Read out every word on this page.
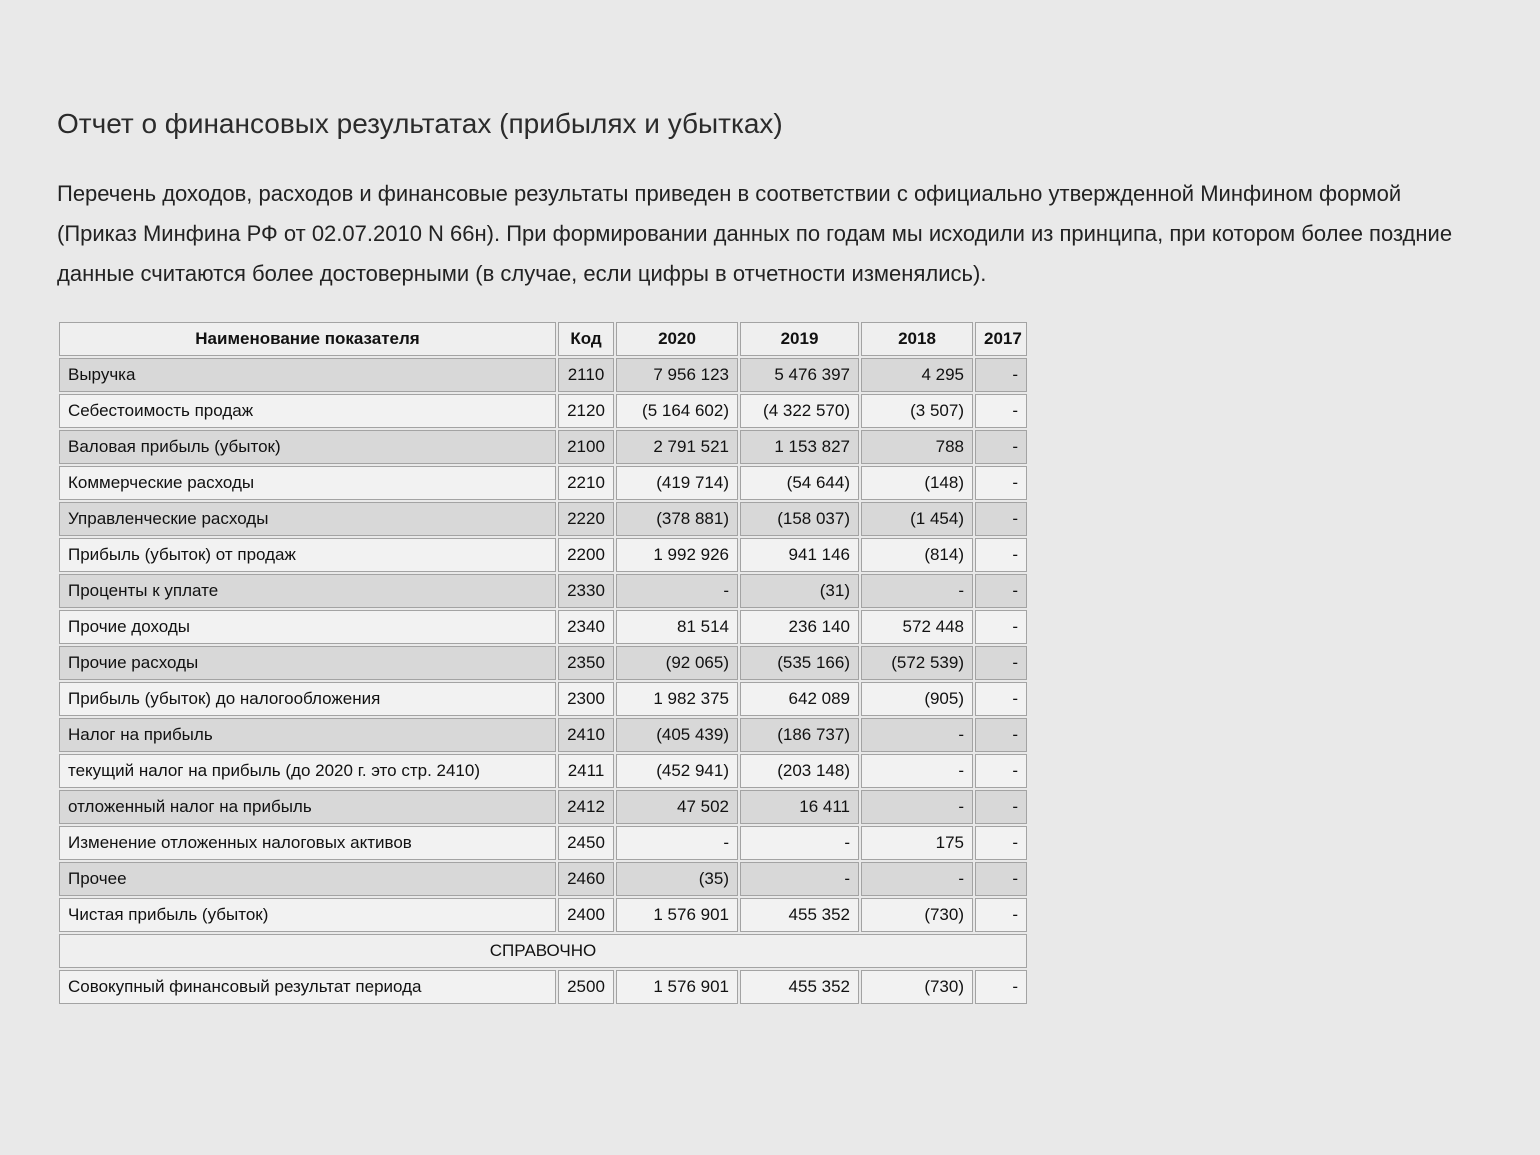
Отчет о финансовых результатах (прибылях и убытках)

Перечень доходов, расходов и финансовые результаты приведен в соответствии с официально утвержденной Минфином формой (Приказ Минфина РФ от 02.07.2010 N 66н). При формировании данных по годам мы исходили из принципа, при котором более поздние данные считаются более достоверными (в случае, если цифры в отчетности изменялись).

Наименование показателя	Код	2020	2019	2018	2017
Выручка	2110	7 956 123	5 476 397	4 295	-
Себестоимость продаж	2120	(5 164 602)	(4 322 570)	(3 507)	-
Валовая прибыль (убыток)	2100	2 791 521	1 153 827	788	-
Коммерческие расходы	2210	(419 714)	(54 644)	(148)	-
Управленческие расходы	2220	(378 881)	(158 037)	(1 454)	-
Прибыль (убыток) от продаж	2200	1 992 926	941 146	(814)	-
Проценты к уплате	2330	-	(31)	-	-
Прочие доходы	2340	81 514	236 140	572 448	-
Прочие расходы	2350	(92 065)	(535 166)	(572 539)	-
Прибыль (убыток) до налогообложения	2300	1 982 375	642 089	(905)	-
Налог на прибыль	2410	(405 439)	(186 737)	-	-
текущий налог на прибыль (до 2020 г. это стр. 2410)	2411	(452 941)	(203 148)	-	-
отложенный налог на прибыль	2412	47 502	16 411	-	-
Изменение отложенных налоговых активов	2450	-	-	175	-
Прочее	2460	(35)	-	-	-
Чистая прибыль (убыток)	2400	1 576 901	455 352	(730)	-
СПРАВОЧНО					
Совокупный финансовый результат периода	2500	1 576 901	455 352	(730)	-
